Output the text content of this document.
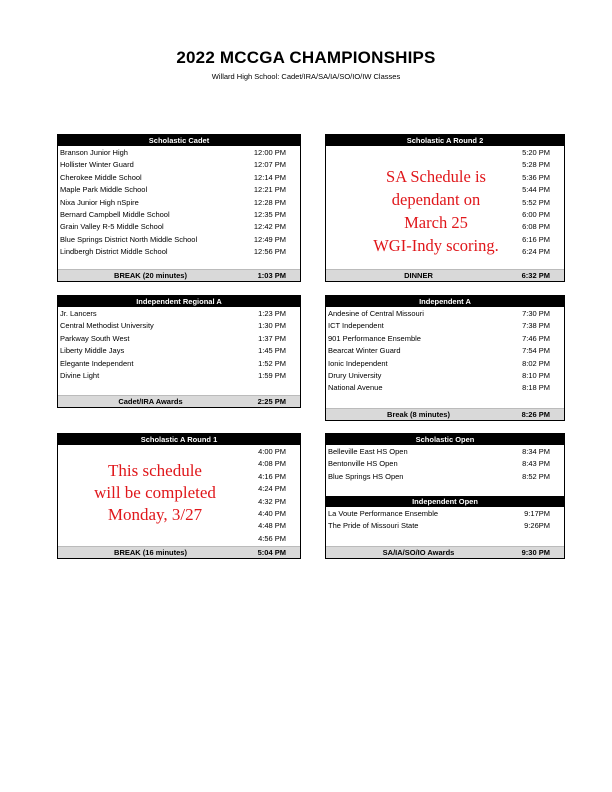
2022 MCCGA CHAMPIONSHIPS
Willard High School: Cadet/IRA/SA/IA/SO/IO/IW Classes
Scholastic Cadet
Branson Junior High	12:00 PM
Hollister Winter Guard	12:07 PM
Cherokee Middle School	12:14 PM
Maple Park Middle School	12:21 PM
Nixa Junior High nSpire	12:28 PM
Bernard Campbell Middle School	12:35 PM
Grain Valley R-5 Middle School	12:42 PM
Blue Springs District North Middle School	12:49 PM
Lindbergh District Middle School	12:56 PM
BREAK (20 minutes)	1:03 PM
Scholastic A Round 2
5:20 PM
5:28 PM
5:36 PM
5:44 PM
5:52 PM
6:00 PM
6:08 PM
6:16 PM
6:24 PM
SA Schedule is
dependant on
March 25
WGI-Indy scoring.
DINNER	6:32 PM
Independent Regional A
Jr. Lancers	1:23 PM
Central Methodist University	1:30 PM
Parkway South West	1:37 PM
Liberty Middle Jays	1:45 PM
Elegante Independent	1:52 PM
Divine Light	1:59 PM
Cadet/IRA Awards	2:25 PM
Independent A
Andesine of Central Missouri	7:30 PM
ICT Independent	7:38 PM
901 Performance Ensemble	7:46 PM
Bearcat Winter Guard	7:54 PM
Ionic Independent	8:02 PM
Drury University	8:10 PM
National Avenue	8:18 PM
Break (8 minutes)	8:26 PM
Scholastic A Round 1
4:00 PM
4:08 PM
4:16 PM
4:24 PM
4:32 PM
4:40 PM
4:48 PM
4:56 PM
This schedule
will be completed
Monday, 3/27
BREAK (16 minutes)	5:04 PM
Scholastic Open
Belleville East HS Open	8:34 PM
Bentonville HS Open	8:43 PM
Blue Springs HS Open	8:52 PM
Independent Open
La Voute Performance Ensemble	9:17PM
The Pride of Missouri State	9:26PM
SA/IA/SO/IO Awards	9:30 PM
